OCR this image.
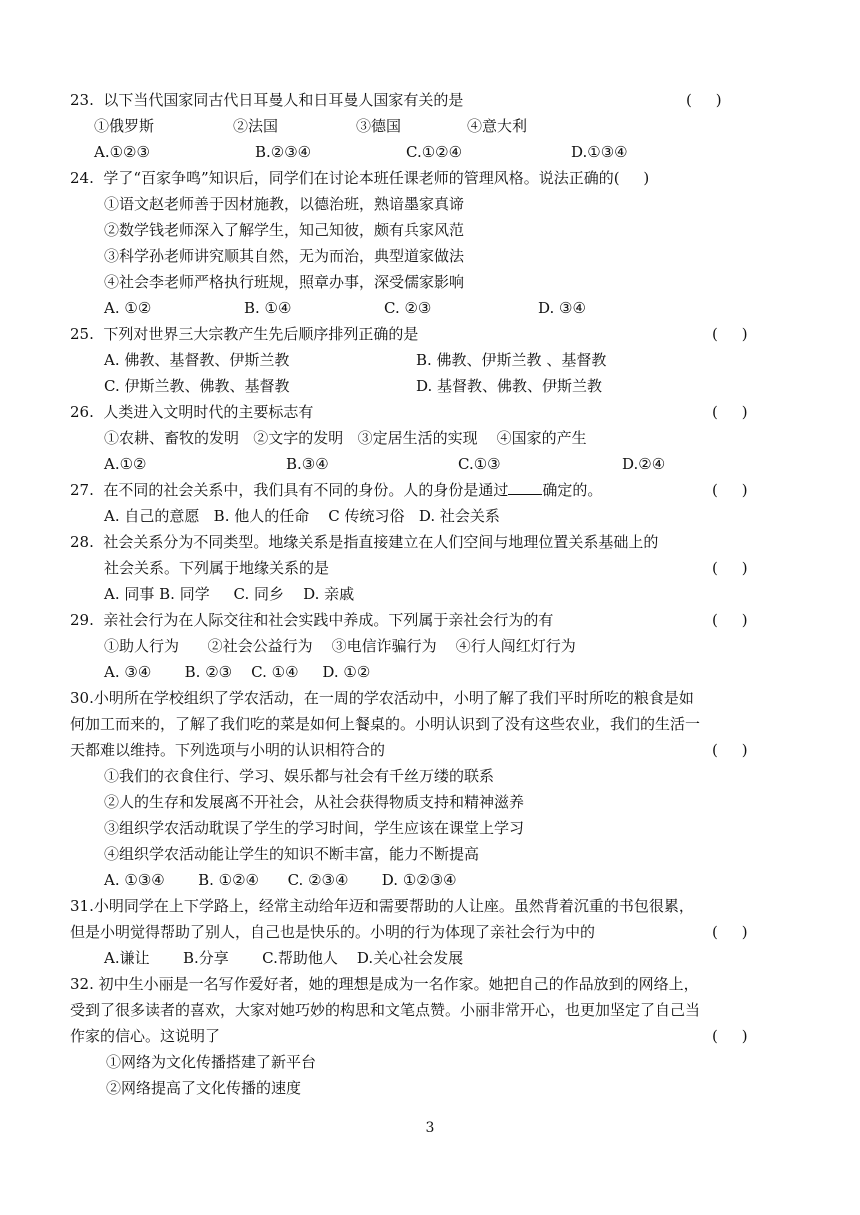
23.  以下当代国家同古代日耳曼人和日耳曼人国家有关的是	(     )
①俄罗斯	②法国	③德国	④意大利
A.①②③	B.②③④	C.①②④	D.①③④
24.  学了“百家争鸣”知识后，同学们在讨论本班任课老师的管理风格。说法正确的(     )
①语文赵老师善于因材施教，以德治班，熟谙墨家真谛
②数学钱老师深入了解学生，知己知彼，颇有兵家风范
③科学孙老师讲究顺其自然，无为而治，典型道家做法
④社会李老师严格执行班规，照章办事，深受儒家影响
A. ①②	B. ①④	C. ②③	D. ③④
25.  下列对世界三大宗教产生先后顺序排列正确的是	(     )
A. 佛教、基督教、伊斯兰教	B. 佛教、伊斯兰教 、基督教
C. 伊斯兰教、佛教、基督教	D. 基督教、佛教、伊斯兰教
26.  人类进入文明时代的主要标志有	(     )
①农耕、畜牧的发明   ②文字的发明   ③定居生活的实现    ④国家的产生
A.①②	B.③④	C.①③	D.②④
27.  在不同的社会关系中，我们具有不同的身份。人的身份是通过 确定的。	(     )
A. 自己的意愿   B. 他人的任命    C 传统习俗   D. 社会关系
28.  社会关系分为不同类型。地缘关系是指直接建立在人们空间与地理位置关系基础上的
社会关系。下列属于地缘关系的是	(     )
A. 同事 B. 同学     C. 同乡    D. 亲戚
29.  亲社会行为在人际交往和社会实践中养成。下列属于亲社会行为的有	(     )
①助人行为      ②社会公益行为    ③电信诈骗行为    ④行人闯红灯行为
A. ③④       B. ②③    C. ①④     D. ①②
30.小明所在学校组织了学农活动，在一周的学农活动中，小明了解了我们平时所吃的粮食是如
何加工而来的，了解了我们吃的菜是如何上餐桌的。小明认识到了没有这些农业，我们的生活一
天都难以维持。下列选项与小明的认识相符合的	(     )
①我们的衣食住行、学习、娱乐都与社会有千丝万缕的联系
②人的生存和发展离不开社会，从社会获得物质支持和精神滋养
③组织学农活动耽误了学生的学习时间，学生应该在课堂上学习
④组织学农活动能让学生的知识不断丰富，能力不断提高
A. ①③④       B. ①②④      C. ②③④       D. ①②③④
31.小明同学在上下学路上，经常主动给年迈和需要帮助的人让座。虽然背着沉重的书包很累，
但是小明觉得帮助了别人，自己也是快乐的。小明的行为体现了亲社会行为中的	(     )
A.谦让       B.分享       C.帮助他人    D.关心社会发展
32. 初中生小丽是一名写作爱好者，她的理想是成为一名作家。她把自己的作品放到的网络上，
受到了很多读者的喜欢，大家对她巧妙的构思和文笔点赞。小丽非常开心，也更加坚定了自己当
作家的信心。这说明了	(     )
①网络为文化传播搭建了新平台
②网络提高了文化传播的速度
3
